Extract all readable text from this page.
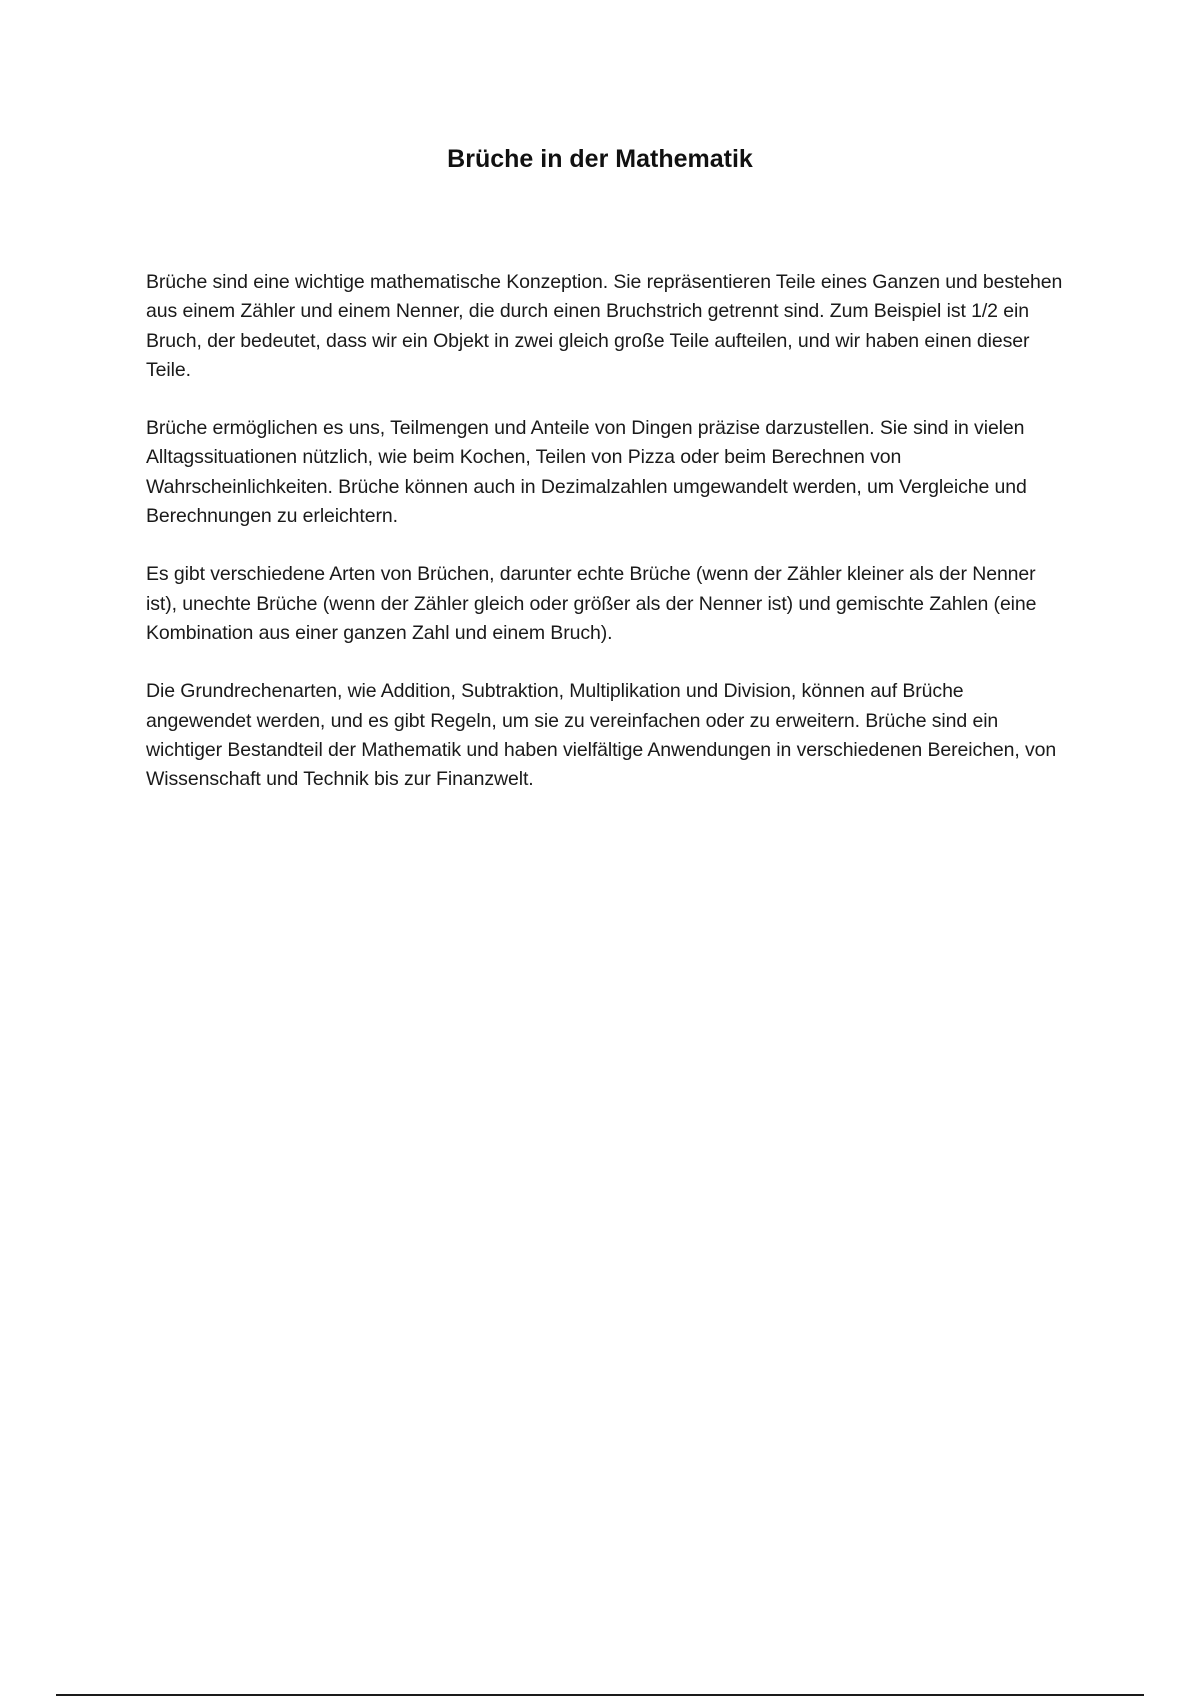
Brüche in der Mathematik

Brüche sind eine wichtige mathematische Konzeption. Sie repräsentieren Teile eines Ganzen und bestehen aus einem Zähler und einem Nenner, die durch einen Bruchstrich getrennt sind. Zum Beispiel ist 1/2 ein Bruch, der bedeutet, dass wir ein Objekt in zwei gleich große Teile aufteilen, und wir haben einen dieser Teile.

Brüche ermöglichen es uns, Teilmengen und Anteile von Dingen präzise darzustellen. Sie sind in vielen Alltagssituationen nützlich, wie beim Kochen, Teilen von Pizza oder beim Berechnen von Wahrscheinlichkeiten. Brüche können auch in Dezimalzahlen umgewandelt werden, um Vergleiche und Berechnungen zu erleichtern.

Es gibt verschiedene Arten von Brüchen, darunter echte Brüche (wenn der Zähler kleiner als der Nenner ist), unechte Brüche (wenn der Zähler gleich oder größer als der Nenner ist) und gemischte Zahlen (eine Kombination aus einer ganzen Zahl und einem Bruch).

Die Grundrechenarten, wie Addition, Subtraktion, Multiplikation und Division, können auf Brüche angewendet werden, und es gibt Regeln, um sie zu vereinfachen oder zu erweitern. Brüche sind ein wichtiger Bestandteil der Mathematik und haben vielfältige Anwendungen in verschiedenen Bereichen, von Wissenschaft und Technik bis zur Finanzwelt.
